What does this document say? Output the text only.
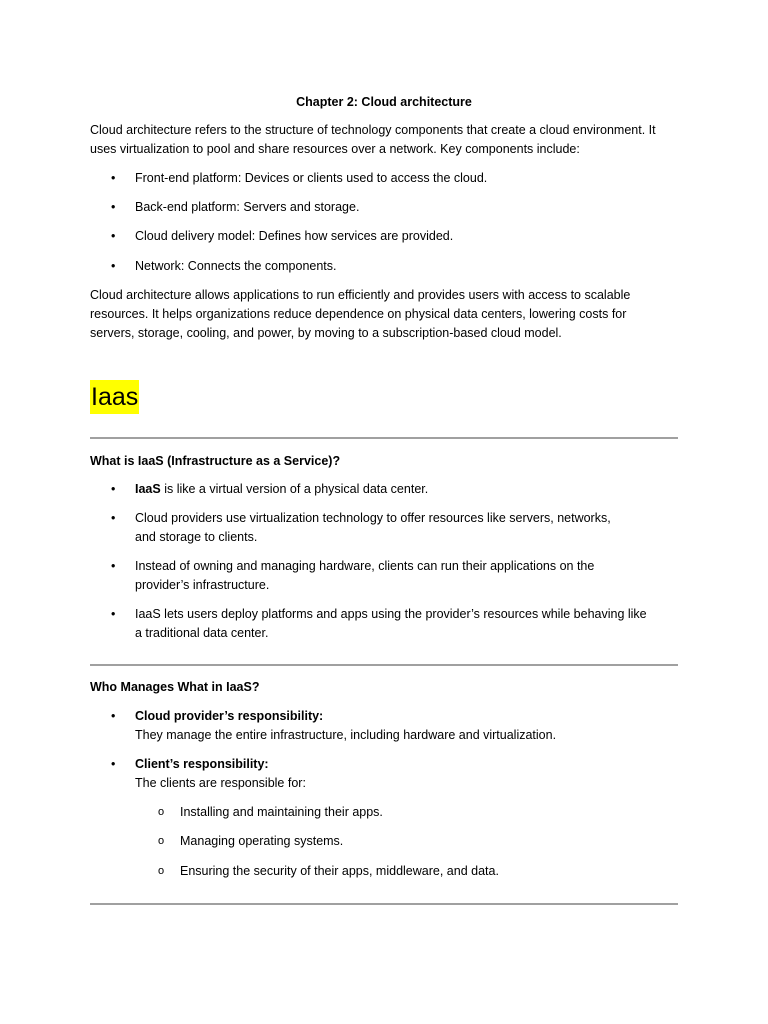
Chapter 2: Cloud architecture
Cloud architecture refers to the structure of technology components that create a cloud environment. It
uses virtualization to pool and share resources over a network. Key components include:
•	Front-end platform: Devices or clients used to access the cloud.
•	Back-end platform: Servers and storage.
•	Cloud delivery model: Defines how services are provided.
•	Network: Connects the components.
Cloud architecture allows applications to run efficiently and provides users with access to scalable
resources. It helps organizations reduce dependence on physical data centers, lowering costs for
servers, storage, cooling, and power, by moving to a subscription-based cloud model.
Iaas
What is IaaS (Infrastructure as a Service)?
•	IaaS is like a virtual version of a physical data center.
•	Cloud providers use virtualization technology to offer resources like servers, networks,
and storage to clients.
•	Instead of owning and managing hardware, clients can run their applications on the
provider’s infrastructure.
•	IaaS lets users deploy platforms and apps using the provider’s resources while behaving like
a traditional data center.
Who Manages What in IaaS?
•	Cloud provider’s responsibility:
They manage the entire infrastructure, including hardware and virtualization.
•	Client’s responsibility:
The clients are responsible for:
o	Installing and maintaining their apps.
o	Managing operating systems.
o	Ensuring the security of their apps, middleware, and data.
